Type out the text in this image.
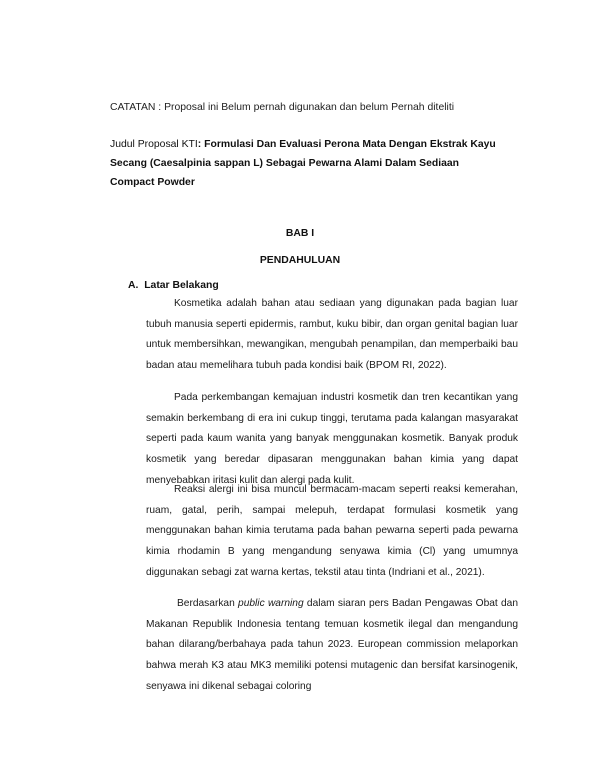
CATATAN : Proposal ini Belum pernah digunakan dan belum Pernah diteliti
Judul Proposal KTI: Formulasi Dan Evaluasi Perona Mata Dengan Ekstrak Kayu
Secang (Caesalpinia sappan L) Sebagai Pewarna Alami Dalam Sediaan
Compact Powder
BAB I
PENDAHULUAN
A. Latar Belakang
Kosmetika adalah bahan atau sediaan yang digunakan pada bagian luar tubuh manusia seperti epidermis, rambut, kuku bibir, dan organ genital bagian luar untuk membersihkan, mewangikan, mengubah penampilan, dan memperbaiki bau badan atau memelihara tubuh pada kondisi baik (BPOM RI, 2022).
Pada perkembangan kemajuan industri kosmetik dan tren kecantikan yang semakin berkembang di era ini cukup tinggi, terutama pada kalangan masyarakat seperti pada kaum wanita yang banyak menggunakan kosmetik. Banyak produk kosmetik yang beredar dipasaran menggunakan bahan kimia yang dapat menyebabkan iritasi kulit dan alergi pada kulit.
Reaksi alergi ini bisa muncul bermacam-macam seperti reaksi kemerahan, ruam, gatal, perih, sampai melepuh, terdapat formulasi kosmetik yang menggunakan bahan kimia terutama pada bahan pewarna seperti pada pewarna kimia rhodamin B yang mengandung senyawa kimia (Cl) yang umumnya diggunakan sebagi zat warna kertas, tekstil atau tinta (Indriani et al., 2021).
Berdasarkan public warning dalam siaran pers Badan Pengawas Obat dan Makanan Republik Indonesia tentang temuan kosmetik ilegal dan mengandung bahan dilarang/berbahaya pada tahun 2023. European commission melaporkan bahwa merah K3 atau MK3 memiliki potensi mutagenic dan bersifat karsinogenik, senyawa ini dikenal sebagai coloring
